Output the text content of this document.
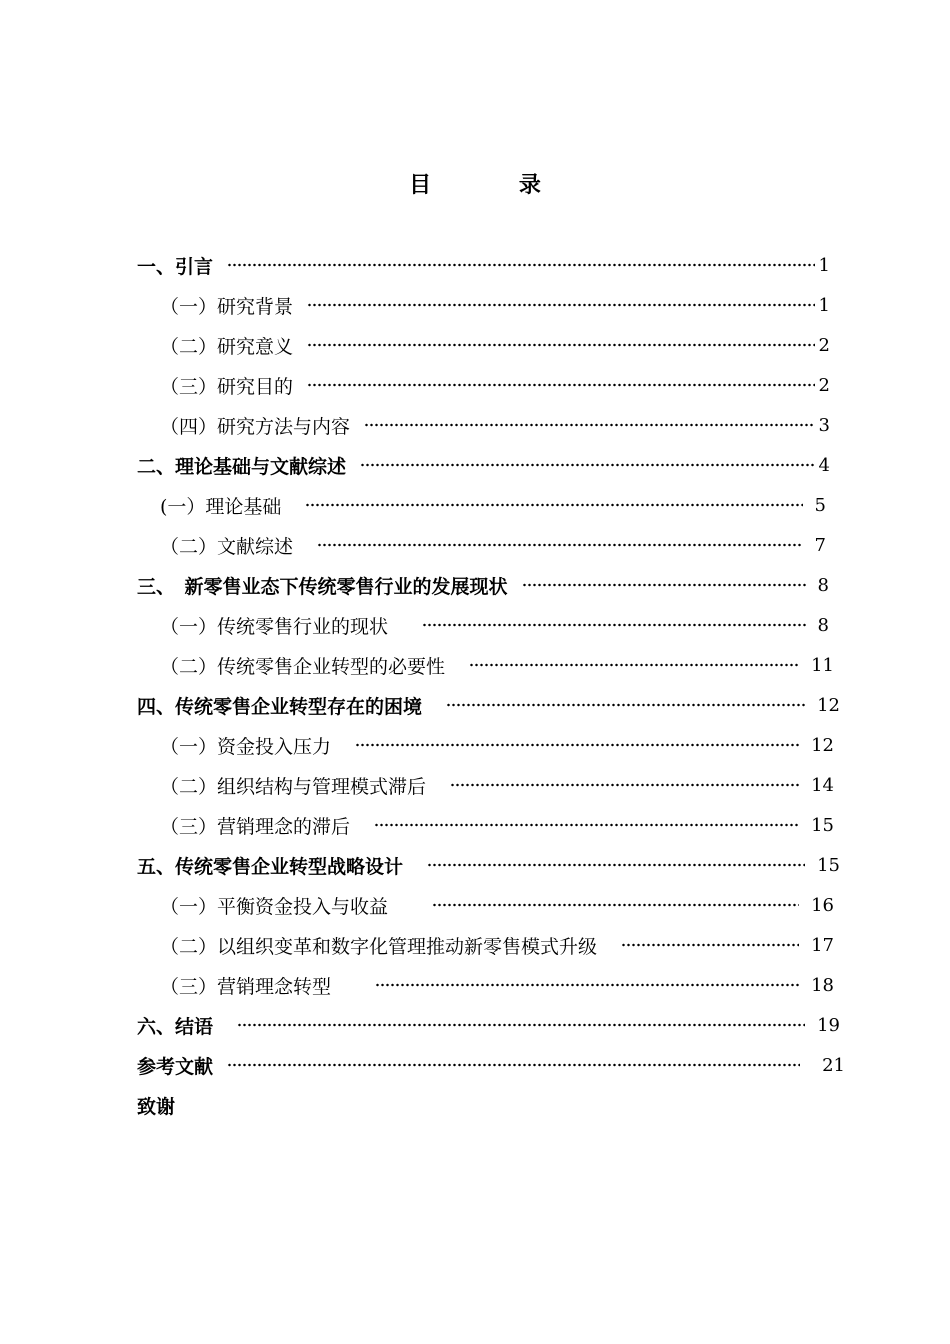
目 录
一、引言	1
（一）研究背景	1
（二）研究意义	2
（三）研究目的	2
（四）研究方法与内容	3
二、理论基础与文献综述	4
(一）理论基础	5
（二）文献综述	7
三、　新零售业态下传统零售行业的发展现状	8
（一）传统零售行业的现状	8
（二）传统零售企业转型的必要性	11
四、传统零售企业转型存在的困境	12
（一）资金投入压力	12
（二）组织结构与管理模式滞后	14
（三）营销理念的滞后	15
五、传统零售企业转型战略设计	15
（一）平衡资金投入与收益	16
（二）以组织变革和数字化管理推动新零售模式升级	17
（三）营销理念转型	18
六、结语	19
参考文献	21
致谢
